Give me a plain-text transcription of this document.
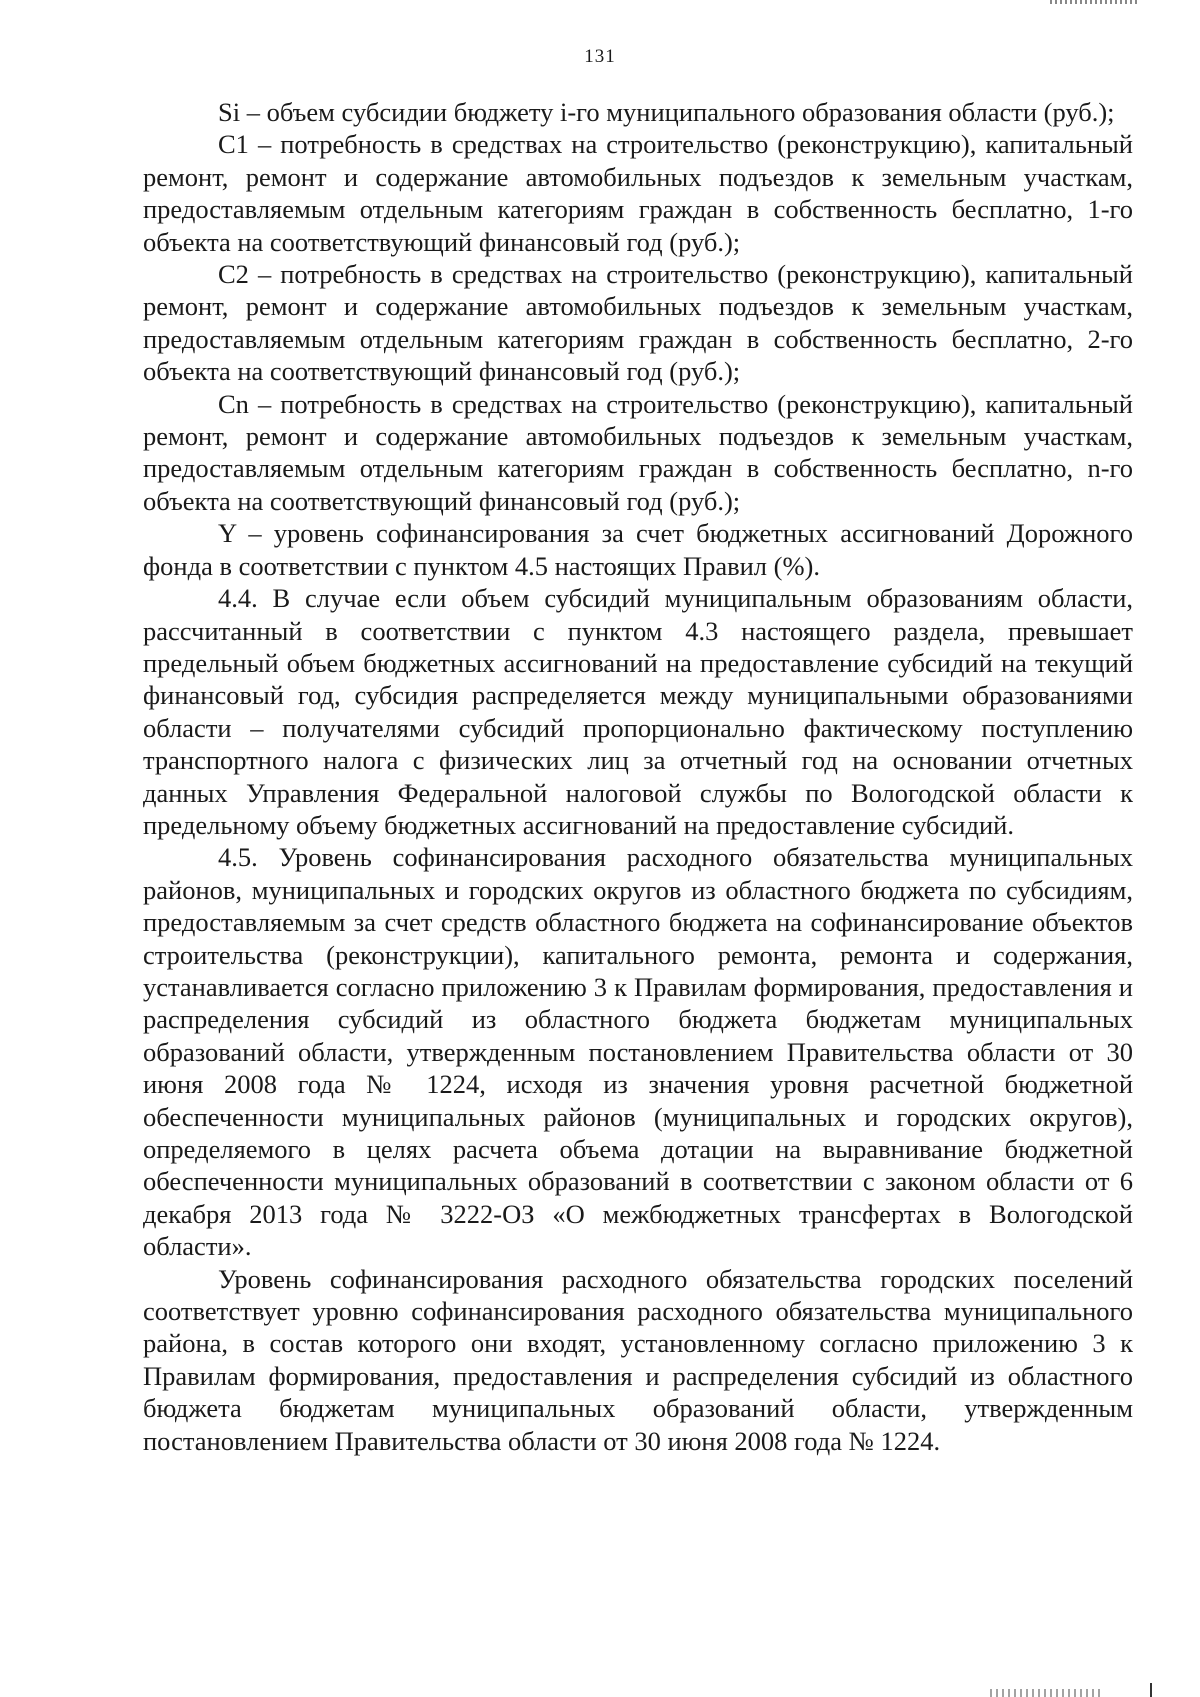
131

Si – объем субсидии бюджету i-го муниципального образования области (руб.);

С1 – потребность в средствах на строительство (реконструкцию), капитальный ремонт, ремонт и содержание автомобильных подъездов к земельным участкам, предоставляемым отдельным категориям граждан в собственность бесплатно, 1-го объекта на соответствующий финансовый год (руб.);

С2 – потребность в средствах на строительство (реконструкцию), капитальный ремонт, ремонт и содержание автомобильных подъездов к земельным участкам, предоставляемым отдельным категориям граждан в собственность бесплатно, 2-го объекта на соответствующий финансовый год (руб.);

Сn – потребность в средствах на строительство (реконструкцию), капитальный ремонт, ремонт и содержание автомобильных подъездов к земельным участкам, предоставляемым отдельным категориям граждан в собственность бесплатно, n-го объекта на соответствующий финансовый год (руб.);

Y – уровень софинансирования за счет бюджетных ассигнований Дорожного фонда в соответствии с пунктом 4.5 настоящих Правил (%).

4.4. В случае если объем субсидий муниципальным образованиям области, рассчитанный в соответствии с пунктом 4.3 настоящего раздела, превышает предельный объем бюджетных ассигнований на предоставление субсидий на текущий финансовый год, субсидия распределяется между муниципальными образованиями области – получателями субсидий пропорционально фактическому поступлению транспортного налога с физических лиц за отчетный год на основании отчетных данных Управления Федеральной налоговой службы по Вологодской области к предельному объему бюджетных ассигнований на предоставление субсидий.

4.5. Уровень софинансирования расходного обязательства муниципальных районов, муниципальных и городских округов из областного бюджета по субсидиям, предоставляемым за счет средств областного бюджета на софинансирование объектов строительства (реконструкции), капитального ремонта, ремонта и содержания, устанавливается согласно приложению 3 к Правилам формирования, предоставления и распределения субсидий из областного бюджета бюджетам муниципальных образований области, утвержденным постановлением Правительства области от 30 июня 2008 года № 1224, исходя из значения уровня расчетной бюджетной обеспеченности муниципальных районов (муниципальных и городских округов), определяемого в целях расчета объема дотации на выравнивание бюджетной обеспеченности муниципальных образований в соответствии с законом области от 6 декабря 2013 года № 3222-ОЗ «О межбюджетных трансфертах в Вологодской области».

Уровень софинансирования расходного обязательства городских поселений соответствует уровню софинансирования расходного обязательства муниципального района, в состав которого они входят, установленному согласно приложению 3 к Правилам формирования, предоставления и распределения субсидий из областного бюджета бюджетам муниципальных образований области, утвержденным постановлением Правительства области от 30 июня 2008 года № 1224.
